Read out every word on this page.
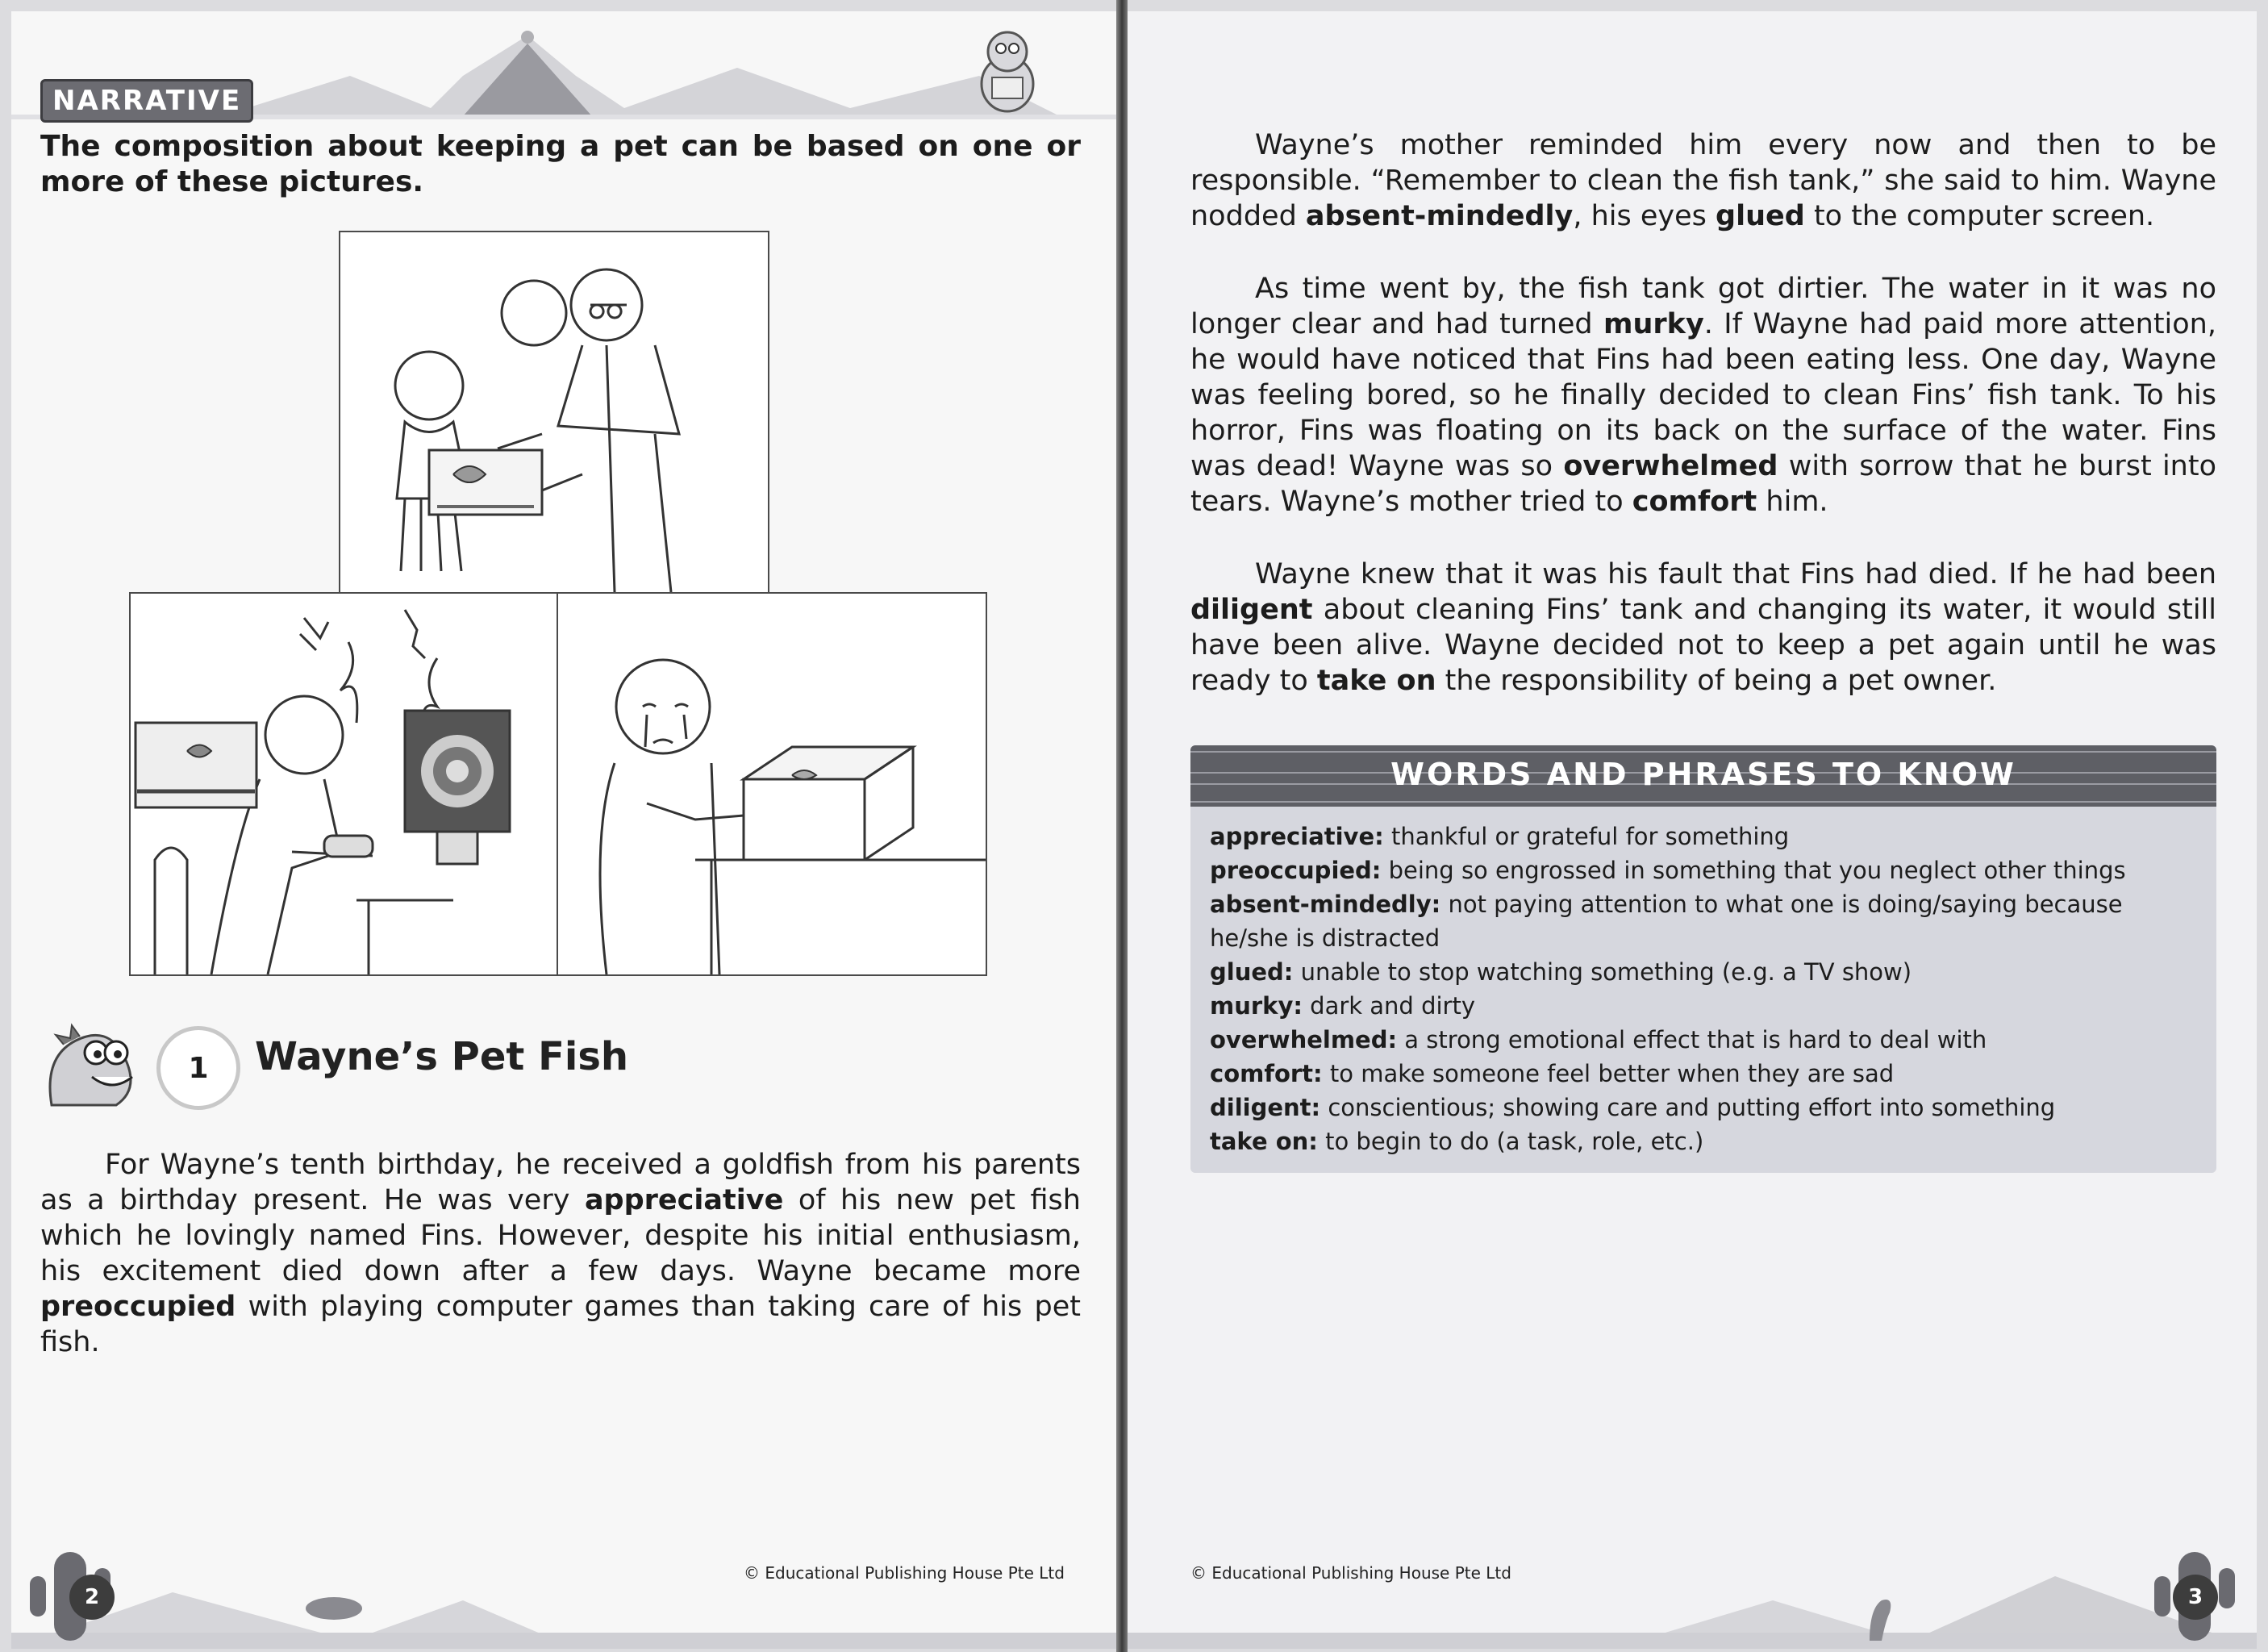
NARRATIVE
The composition about keeping a pet can be based on one or more of these pictures.
1	Wayne’s Pet Fish

For Wayne’s tenth birthday, he received a goldfish from his parents as a birthday present. He was very appreciative of his new pet fish which he lovingly named Fins. However, despite his initial enthusiasm, his excitement died down after a few days. Wayne became more preoccupied with playing computer games than taking care of his pet fish.

2
© Educational Publishing House Pte Ltd

Wayne’s mother reminded him every now and then to be responsible. “Remember to clean the fish tank,” she said to him. Wayne nodded absent-mindedly, his eyes glued to the computer screen.

As time went by, the fish tank got dirtier. The water in it was no longer clear and had turned murky. If Wayne had paid more attention, he would have noticed that Fins had been eating less. One day, Wayne was feeling bored, so he finally decided to clean Fins’ fish tank. To his horror, Fins was floating on its back on the surface of the water. Fins was dead! Wayne was so overwhelmed with sorrow that he burst into tears. Wayne’s mother tried to comfort him.

Wayne knew that it was his fault that Fins had died. If he had been diligent about cleaning Fins’ tank and changing its water, it would still have been alive. Wayne decided not to keep a pet again until he was ready to take on the responsibility of being a pet owner.

WORDS AND PHRASES TO KNOW

appreciative: thankful or grateful for something

preoccupied: being so engrossed in something that you neglect other things

absent-mindedly: not paying attention to what one is doing/saying because he/she is distracted

glued: unable to stop watching something (e.g. a TV show)

murky: dark and dirty

overwhelmed: a strong emotional effect that is hard to deal with

comfort: to make someone feel better when they are sad

diligent: conscientious; showing care and putting effort into something

take on: to begin to do (a task, role, etc.)

3
© Educational Publishing House Pte Ltd
